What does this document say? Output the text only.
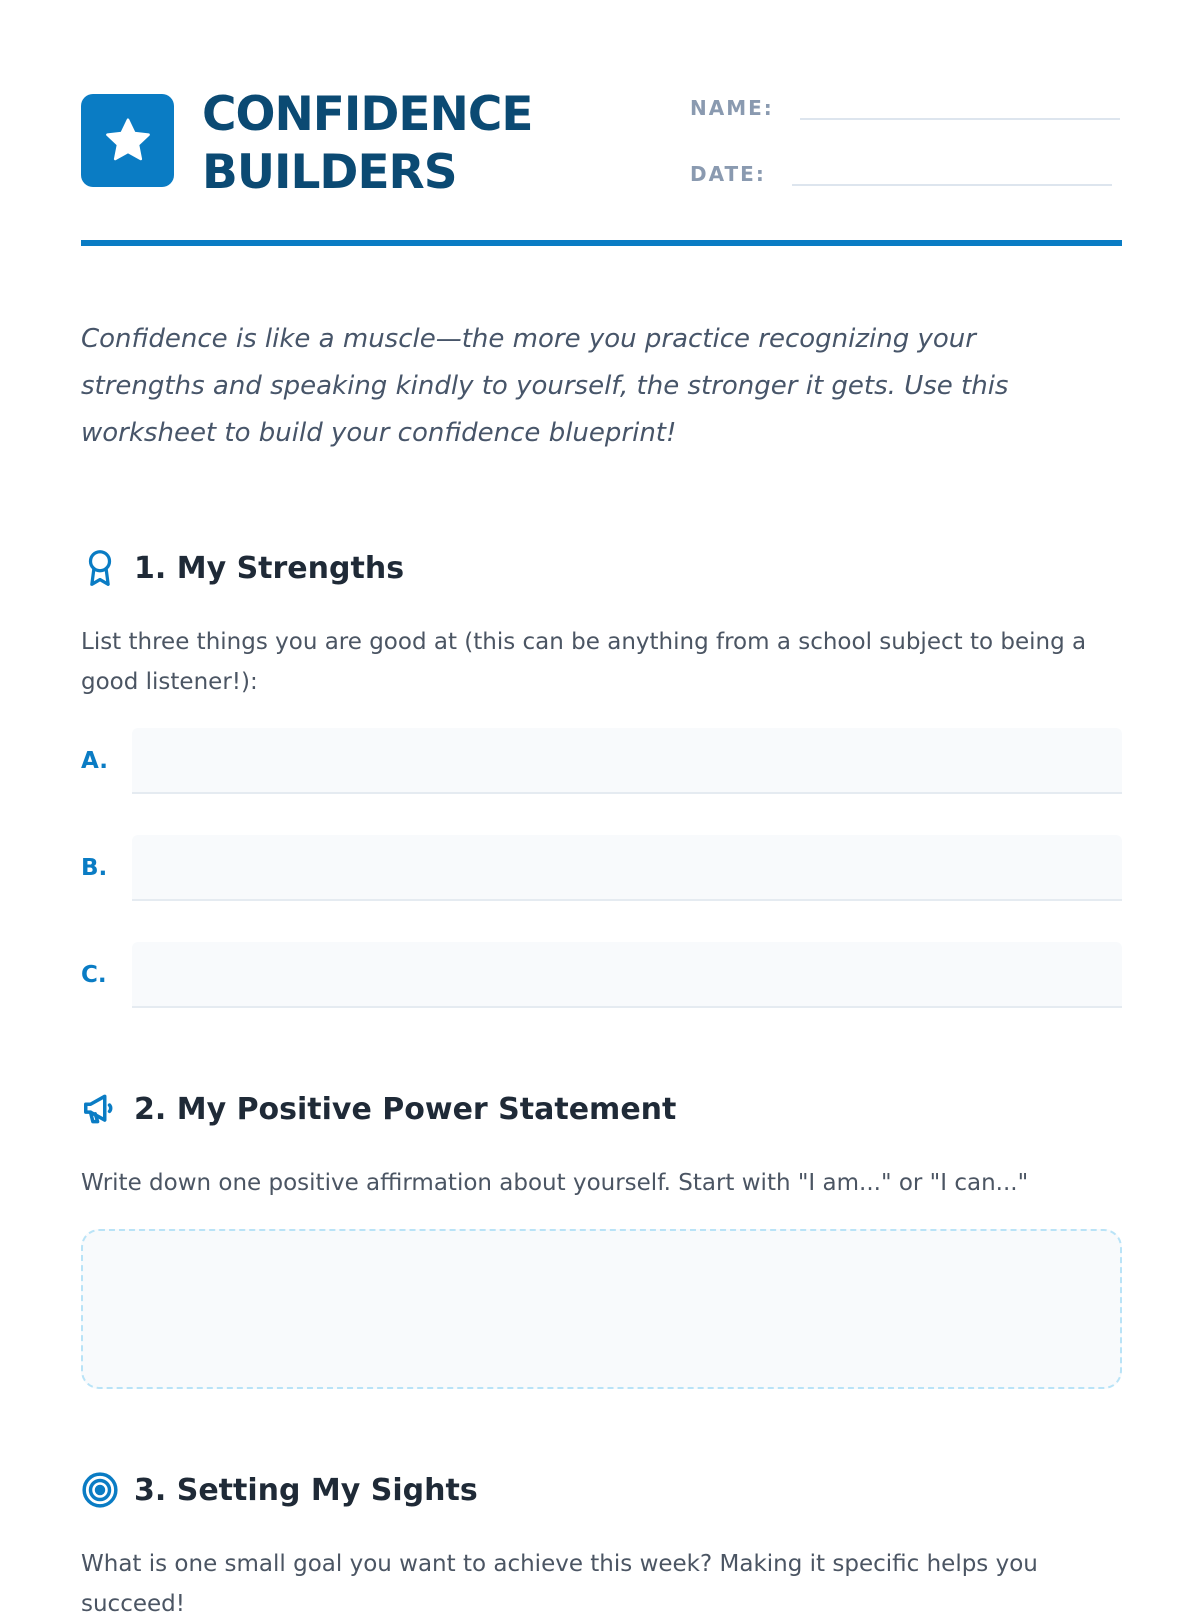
CONFIDENCE
BUILDERS
NAME:
DATE:
Confidence is like a muscle—the more you practice recognizing your strengths and speaking kindly to yourself, the stronger it gets. Use this worksheet to build your confidence blueprint!
1. My Strengths
List three things you are good at (this can be anything from a school subject to being a good listener!):
A.
B.
C.
2. My Positive Power Statement
Write down one positive affirmation about yourself. Start with "I am..." or "I can..."
3. Setting My Sights
What is one small goal you want to achieve this week? Making it specific helps you succeed!
